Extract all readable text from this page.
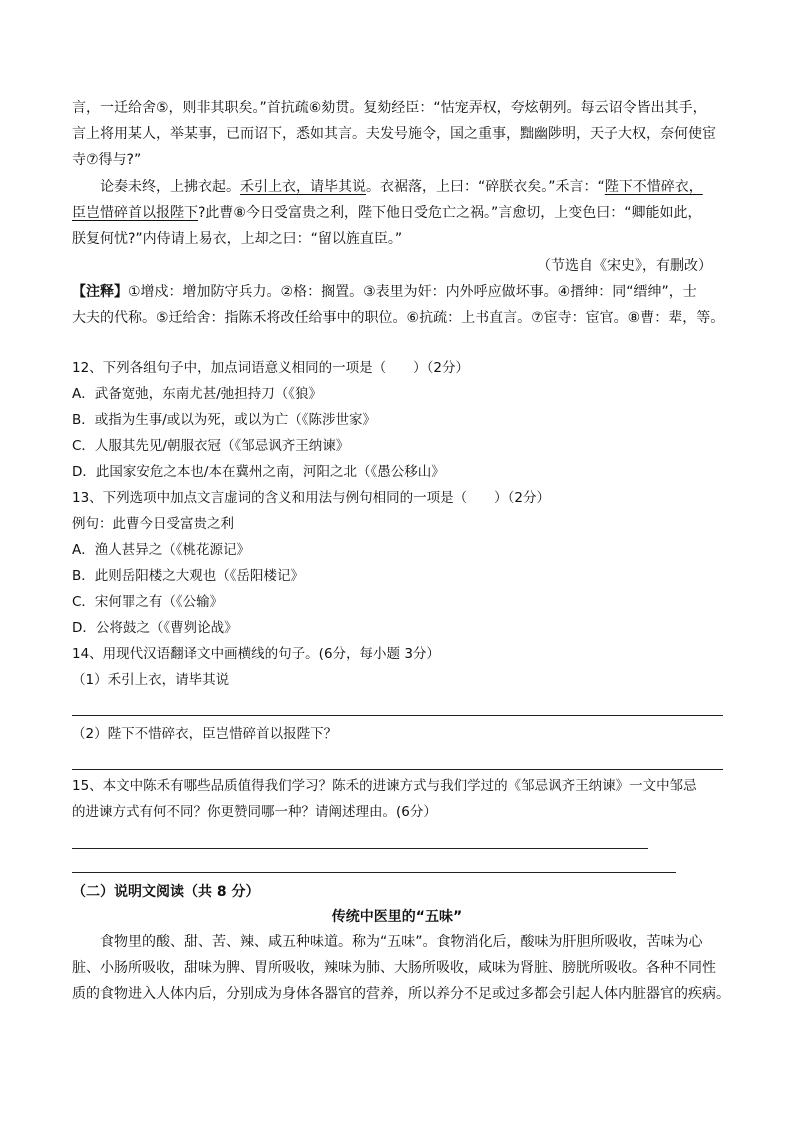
言，一迁给舍⑤，则非其职矣。”首抗疏⑥劾贯。复劾经臣：“怙宠弄权，夸炫朝列。每云诏令皆出其手，
言上将用某人，举某事，已而诏下，悉如其言。夫发号施令，国之重事，黜幽陟明，天子大权，奈何使宦
寺⑦得与?”
论奏未终，上拂衣起。禾引上衣，请毕其说。衣裾落，上曰：“碎朕衣矣。”禾言：“陛下不惜碎衣，
臣岂惜碎首以报陛下?此曹⑧今日受富贵之利，陛下他日受危亡之祸。”言愈切，上变色曰：“卿能如此，
朕复何忧?”内侍请上易衣，上却之曰：“留以旌直臣。”
（节选自《宋史》，有删改）
【注释】①增戍：增加防守兵力。②格：搁置。③表里为奸：内外呼应做坏事。④搢绅：同“缙绅”，士
大夫的代称。⑤迁给舍：指陈禾将改任给事中的职位。⑥抗疏：上书直言。⑦宦寺：宦官。⑧曹：辈，等。
12、下列各组句子中，加点词语意义相同的一项是（　　）（2分）
A．武备宽弛，东南尤甚/弛担持刀（《狼》
B．或指为生事/或以为死，或以为亡（《陈涉世家》
C．人服其先见/朝服衣冠（《邹忌讽齐王纳谏》
D．此国家安危之本也/本在冀州之南，河阳之北（《愚公移山》
13、下列选项中加点文言虚词的含义和用法与例句相同的一项是（　　）（2分）
例句：此曹今日受富贵之利
A．渔人甚异之（《桃花源记》
B．此则岳阳楼之大观也（《岳阳楼记》
C．宋何罪之有（《公输》
D．公将鼓之（《曹刿论战》
14、用现代汉语翻译文中画横线的句子。(6分，每小题 3分）
（1）禾引上衣，请毕其说
（2）陛下不惜碎衣，臣岂惜碎首以报陛下？
15、本文中陈禾有哪些品质值得我们学习？陈禾的进谏方式与我们学过的《邹忌讽齐王纳谏》一文中邹忌
的进谏方式有何不同？你更赞同哪一种？请阐述理由。(6分）
（二）说明文阅读（共 8 分）
传统中医里的“五味”
食物里的酸、甜、苦、辣、咸五种味道。称为“五味”。食物消化后，酸味为肝胆所吸收，苦味为心
脏、小肠所吸收，甜味为脾、胃所吸收，辣味为肺、大肠所吸收，咸味为肾脏、膀胱所吸收。各种不同性
质的食物进入人体内后，分别成为身体各器官的营养，所以养分不足或过多都会引起人体内脏器官的疾病。
